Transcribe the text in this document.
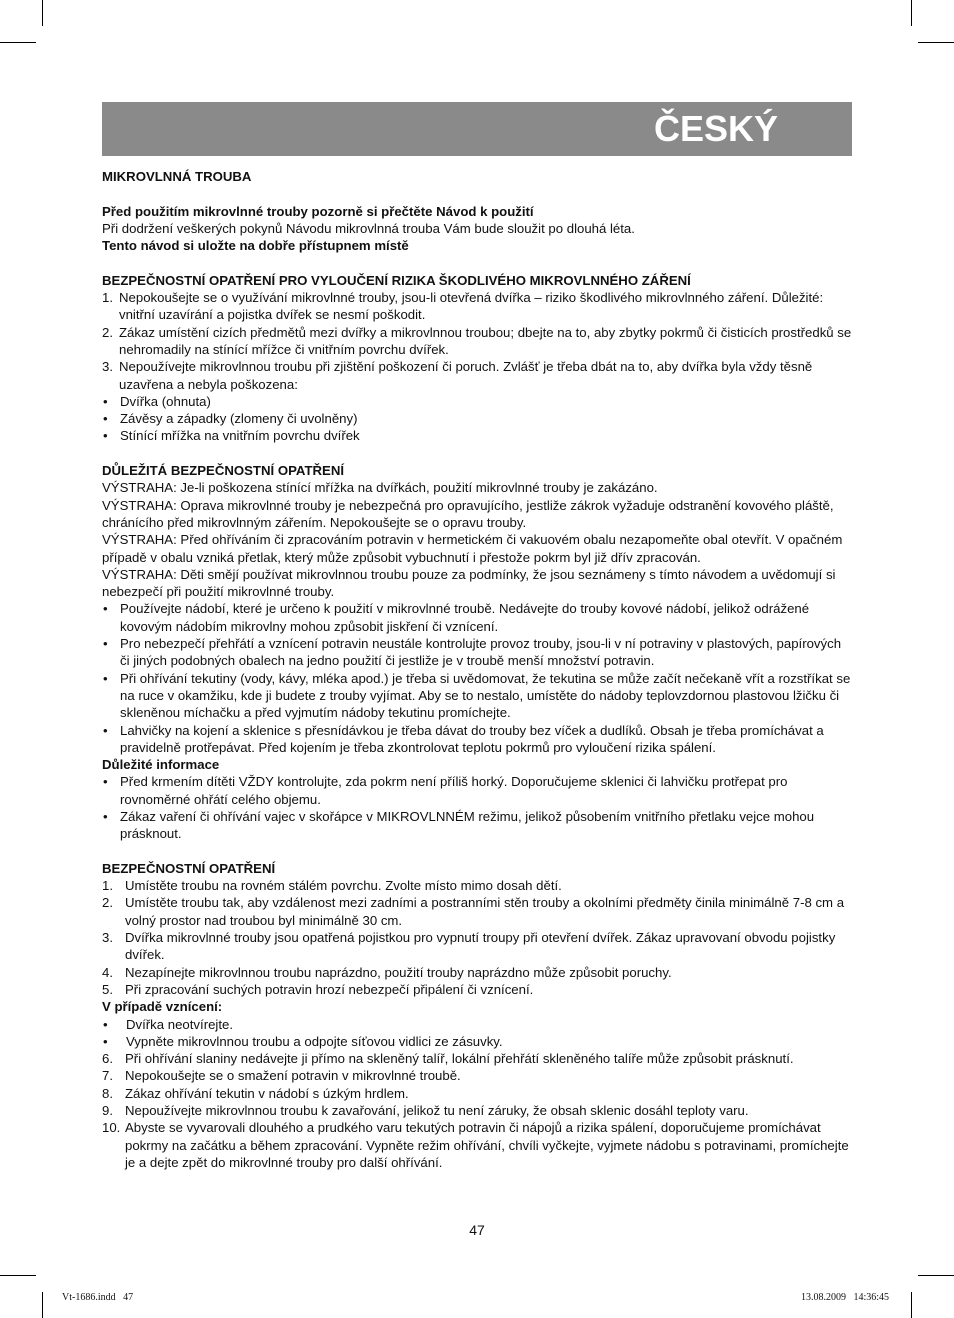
ČESKÝ

MIKROVLNNÁ TROUBA

Před použitím mikrovlnné trouby pozorně si přečtěte Návod k použití

Při dodržení veškerých pokynů Návodu mikrovlnná trouba Vám bude sloužit po dlouhá léta.

Tento návod si uložte na dobře přístupnem místě

BEZPEČNOSTNÍ OPATŘENÍ PRO VYLOUČENÍ RIZIKA ŠKODLIVÉHO MIKROVLNNÉHO ZÁŘENÍ

1. Nepokoušejte se o využívání mikrovlnné trouby, jsou-li otevřená dvířka – riziko škodlivého mikrovlnného záření. Důležité: vnitřní uzavírání a pojistka dvířek se nesmí poškodit.
2. Zákaz umístění cizích předmětů mezi dvířky a mikrovlnnou troubou; dbejte na to, aby zbytky pokrmů či čisticích prostředků se nehromadily na stínící mřížce či vnitřním povrchu dvířek.
3. Nepoužívejte mikrovlnnou troubu při zjištění poškození či poruch. Zvlášť je třeba dbát na to, aby dvířka byla vždy těsně uzavřena a nebyla poškozena:
• Dvířka (ohnuta)
• Závěsy a západky (zlomeny či uvolněny)
• Stínící mřížka na vnitřním povrchu dvířek

DŮLEŽITÁ BEZPEČNOSTNÍ OPATŘENÍ

VÝSTRAHA: Je-li poškozena stínící mřížka na dvířkách, použití mikrovlnné trouby je zakázáno.

VÝSTRAHA: Oprava mikrovlnné trouby je nebezpečná pro opravujícího, jestliže zákrok vyžaduje odstranění kovového pláště, chránícího před mikrovlnným zářením. Nepokoušejte se o opravu trouby.

VÝSTRAHA: Před ohříváním či zpracováním potravin v hermetickém či vakuovém obalu nezapomeňte obal otevřít. V opačném případě v obalu vzniká přetlak, který může způsobit vybuchnutí i přestože pokrm byl již dřív zpracován.

VÝSTRAHA: Děti smějí používat mikrovlnnou troubu pouze za podmínky, že jsou seznámeny s tímto návodem a uvědomují si nebezpečí při použití mikrovlnné trouby.

• Používejte nádobí, které je určeno k použití v mikrovlnné troubě. Nedávejte do trouby kovové nádobí, jelikož odrážené kovovým nádobím mikrovlny mohou způsobit jiskření či vznícení.
• Pro nebezpečí přehřátí a vznícení potravin neustále kontrolujte provoz trouby, jsou-li v ní potraviny v plastových, papírových či jiných podobných obalech na jedno použití či jestliže je v troubě menší množství potravin.
• Při ohřívání tekutiny (vody, kávy, mléka apod.) je třeba si uvědomovat, že tekutina se může začít nečekaně vřít a rozstříkat se na ruce v okamžiku, kde ji budete z trouby vyjímat. Aby se to nestalo, umístěte do nádoby teplovzdornou plastovou lžičku či skleněnou míchačku a před vyjmutím nádoby tekutinu promíchejte.
• Lahvičky na kojení a sklenice s přesnídávkou je třeba dávat do trouby bez víček a dudlíků. Obsah je třeba promíchávat a pravidelně protřepávat. Před kojením je třeba zkontrolovat teplotu pokrmů pro vyloučení rizika spálení.

Důležité informace

• Před krmením dítěti VŽDY kontrolujte, zda pokrm není příliš horký. Doporučujeme sklenici či lahvičku protřepat pro rovnoměrné ohřátí celého objemu.
• Zákaz vaření či ohřívání vajec v skořápce v MIKROVLNNÉM režimu, jelikož působením vnitřního přetlaku vejce mohou prásknout.

BEZPEČNOSTNÍ OPATŘENÍ

1. Umístěte troubu na rovném stálém povrchu. Zvolte místo mimo dosah dětí.
2. Umístěte troubu tak, aby vzdálenost mezi zadními a postranními stěn trouby a okolními předměty činila minimálně 7-8 cm a volný prostor nad troubou byl minimálně 30 cm.
3. Dvířka mikrovlnné trouby jsou opatřená pojistkou pro vypnutí troupy při otevření dvířek. Zákaz upravovaní obvodu pojistky dvířek.
4. Nezapínejte mikrovlnnou troubu naprázdno, použití trouby naprázdno může způsobit poruchy.
5. Při zpracování suchých potravin hrozí nebezpečí připálení či vznícení.

V případě vznícení:

•	Dvířka neotvírejte.
•	Vypněte mikrovlnnou troubu a odpojte síťovou vidlici ze zásuvky.
6. Při ohřívání slaniny nedávejte ji přímo na skleněný talíř, lokální přehřátí skleněného talíře může způsobit prásknutí.
7. Nepokoušejte se o smažení potravin v mikrovlnné troubě.
8. Zákaz ohřívání tekutin v nádobí s úzkým hrdlem.
9. Nepoužívejte mikrovlnnou troubu k zavařování, jelikož tu není záruky, že obsah sklenic dosáhl teploty varu.
10. Abyste se vyvarovali dlouhého a prudkého varu tekutých potravin či nápojů a rizika spálení, doporučujeme promíchávat pokrmy na začátku a během zpracování. Vypněte režim ohřívání, chvíli vyčkejte, vyjmete nádobu s potravinami, promíchejte je a dejte zpět do mikrovlnné trouby pro další ohřívání.
47
Vt-1686.indd   47	13.08.2009   14:36:45
